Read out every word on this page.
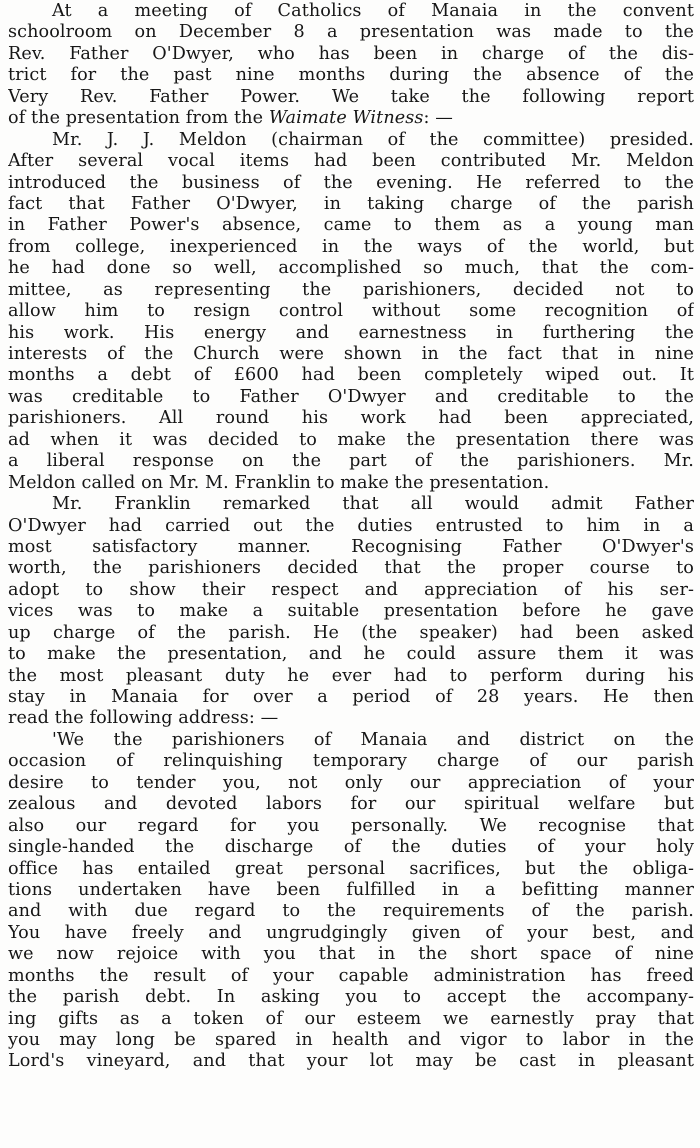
At a meeting of Catholics of Manaia in the convent
schoolroom on December 8 a presentation was made to the
Rev. Father O'Dwyer, who has been in charge of the dis-
trict for the past nine months during the absence of the
Very Rev. Father Power. We take the following report
of the presentation from the Waimate Witness: —
Mr. J. J. Meldon (chairman of the committee) presided.
After several vocal items had been contributed Mr. Meldon
introduced the business of the evening. He referred to the
fact that Father O'Dwyer, in taking charge of the parish
in Father Power's absence, came to them as a young man
from college, inexperienced in the ways of the world, but
he had done so well, accomplished so much, that the com-
mittee, as representing the parishioners, decided not to
allow him to resign control without some recognition of
his work. His energy and earnestness in furthering the
interests of the Church were shown in the fact that in nine
months a debt of £600 had been completely wiped out. It
was creditable to Father O'Dwyer and creditable to the
parishioners. All round his work had been appreciated,
ad when it was decided to make the presentation there was
a liberal response on the part of the parishioners. Mr.
Meldon called on Mr. M. Franklin to make the presentation.
Mr. Franklin remarked that all would admit Father
O'Dwyer had carried out the duties entrusted to him in a
most satisfactory manner. Recognising Father O'Dwyer's
worth, the parishioners decided that the proper course to
adopt to show their respect and appreciation of his ser-
vices was to make a suitable presentation before he gave
up charge of the parish. He (the speaker) had been asked
to make the presentation, and he could assure them it was
the most pleasant duty he ever had to perform during his
stay in Manaia for over a period of 28 years. He then
read the following address: —
'We the parishioners of Manaia and district on the
occasion of relinquishing temporary charge of our parish
desire to tender you, not only our appreciation of your
zealous and devoted labors for our spiritual welfare but
also our regard for you personally. We recognise that
single-handed the discharge of the duties of your holy
office has entailed great personal sacrifices, but the obliga-
tions undertaken have been fulfilled in a befitting manner
and with due regard to the requirements of the parish.
You have freely and ungrudgingly given of your best, and
we now rejoice with you that in the short space of nine
months the result of your capable administration has freed
the parish debt. In asking you to accept the accompany-
ing gifts as a token of our esteem we earnestly pray that
you may long be spared in health and vigor to labor in the
Lord's vineyard, and that your lot may be cast in pleasant
